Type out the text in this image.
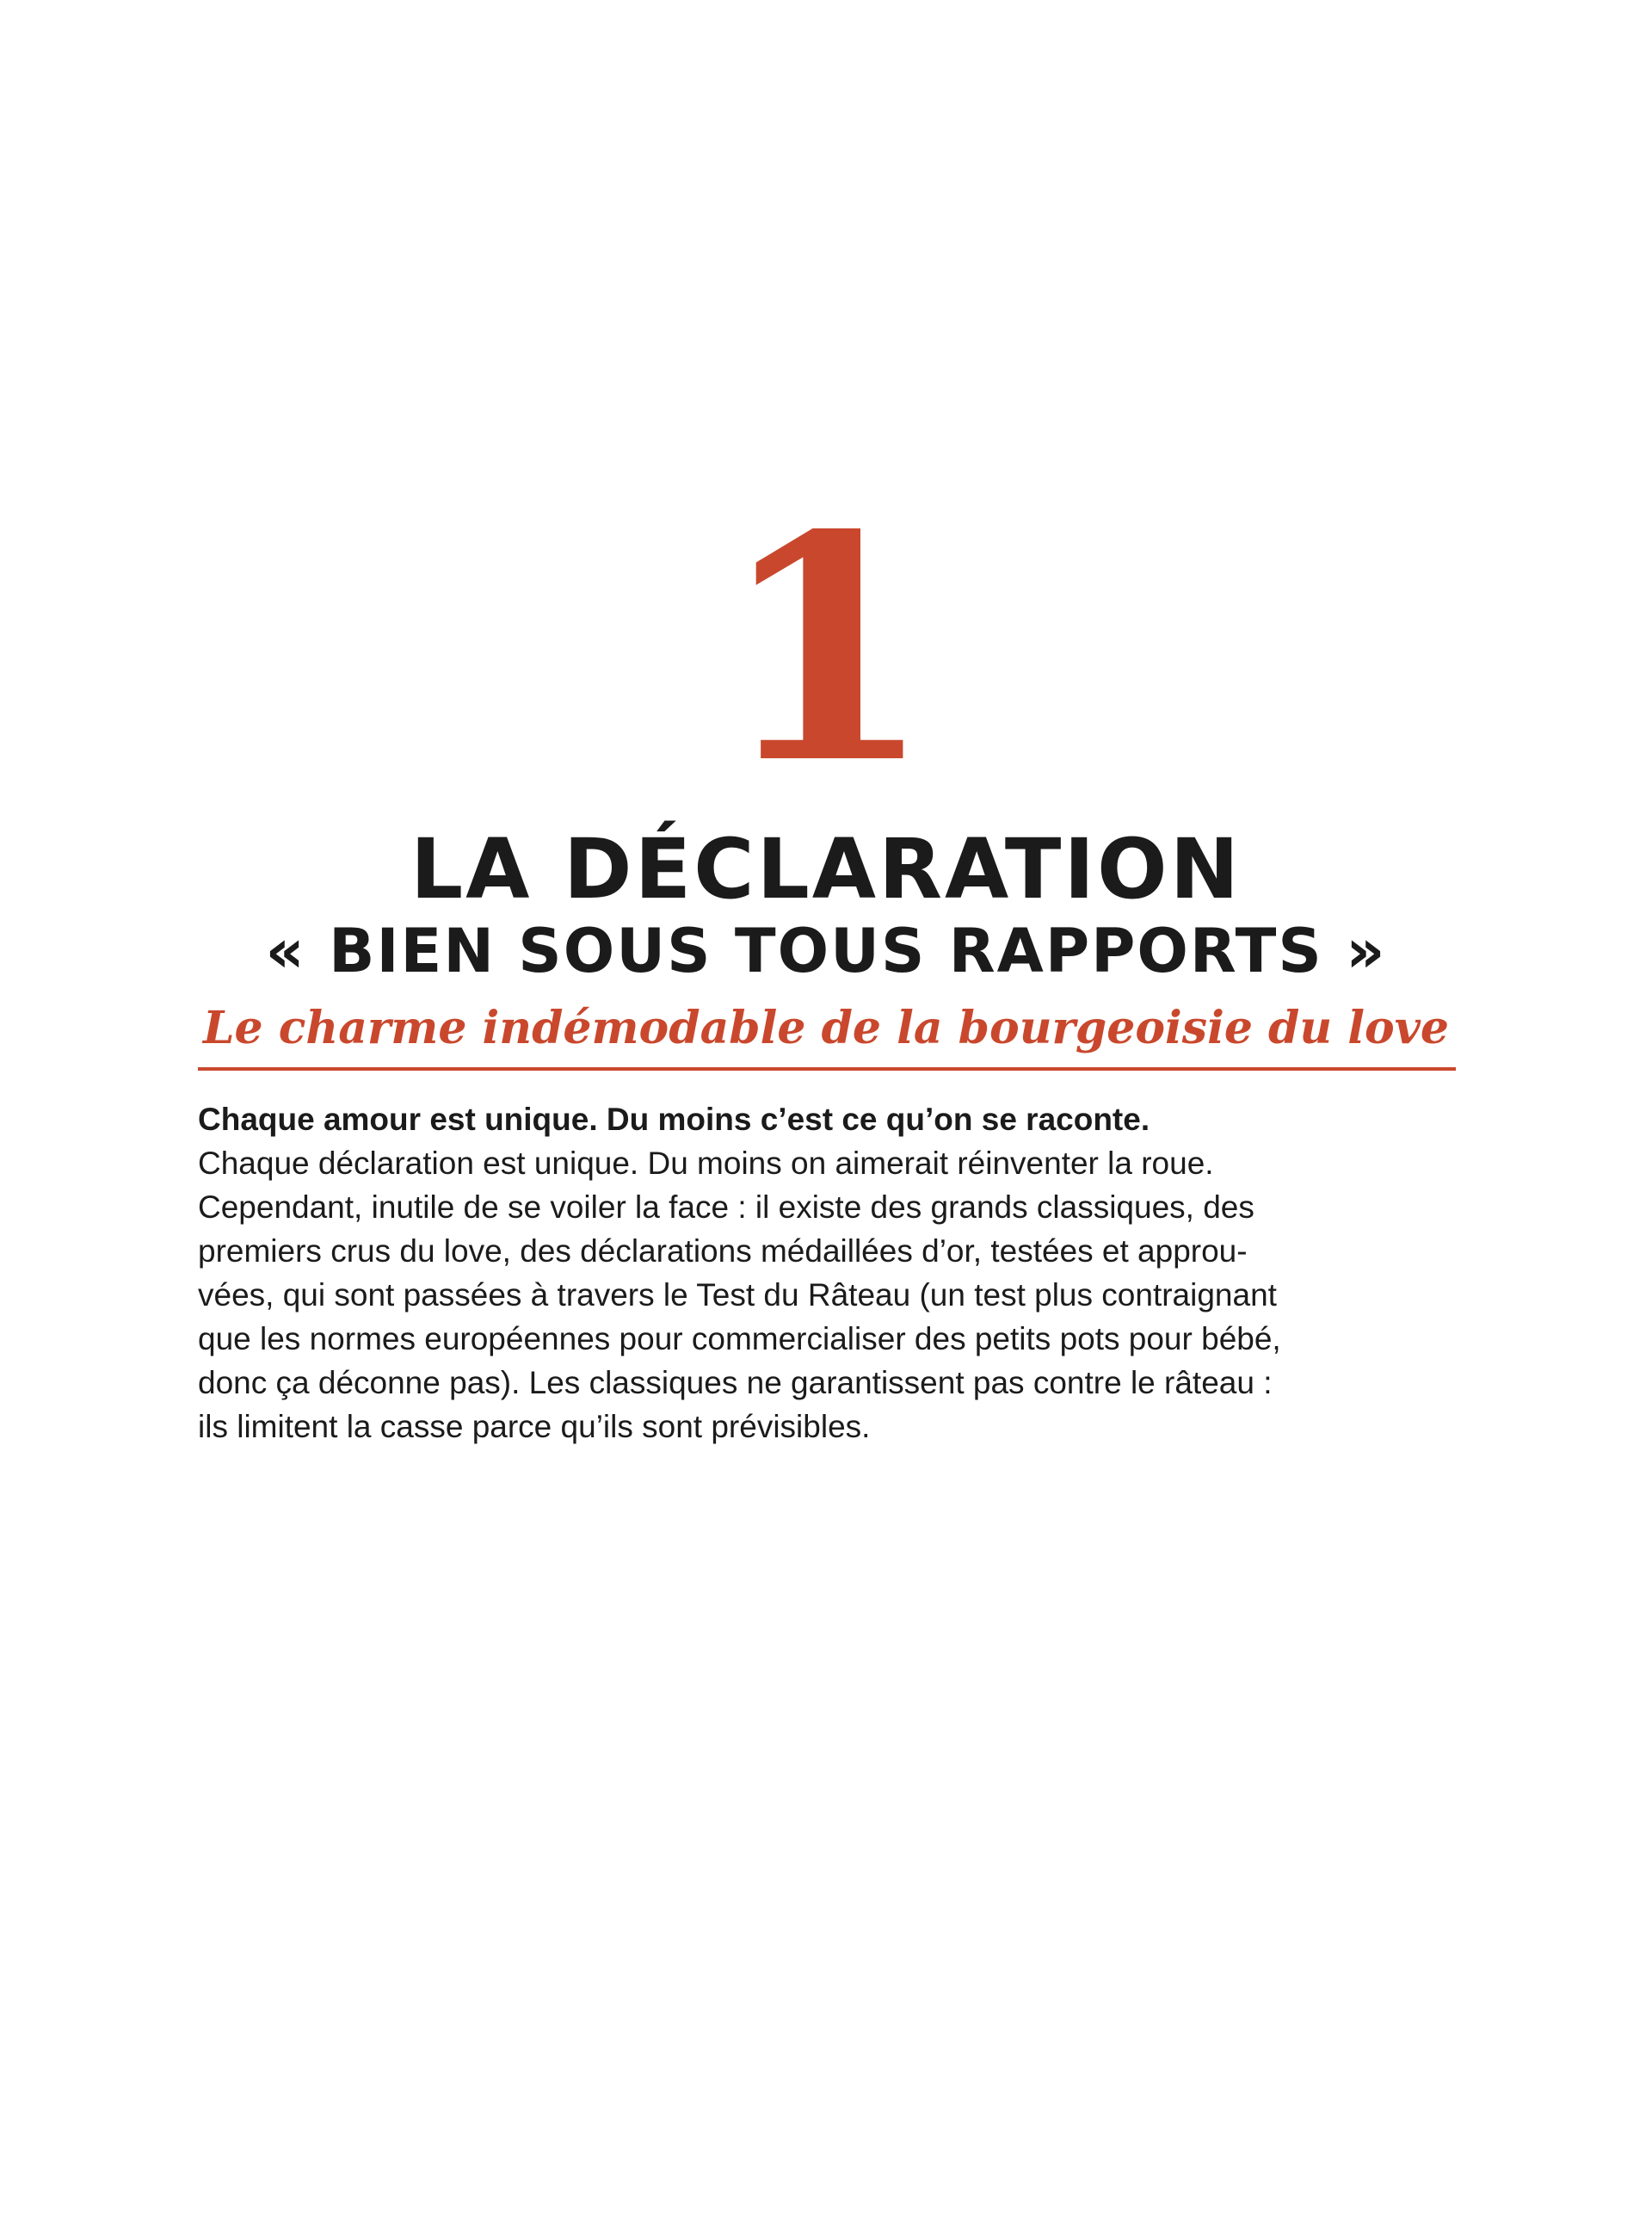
1
LA DÉCLARATION
« BIEN SOUS TOUS RAPPORTS »
Le charme indémodable de la bourgeoisie du love
Chaque amour est unique. Du moins c’est ce qu’on se raconte.
Chaque déclaration est unique. Du moins on aimerait réinventer la roue.
Cependant, inutile de se voiler la face : il existe des grands classiques, des
premiers crus du love, des déclarations médaillées d’or, testées et approu-
vées, qui sont passées à travers le Test du Râteau (un test plus contraignant
que les normes européennes pour commercialiser des petits pots pour bébé,
donc ça déconne pas). Les classiques ne garantissent pas contre le râteau :
ils limitent la casse parce qu’ils sont prévisibles.
